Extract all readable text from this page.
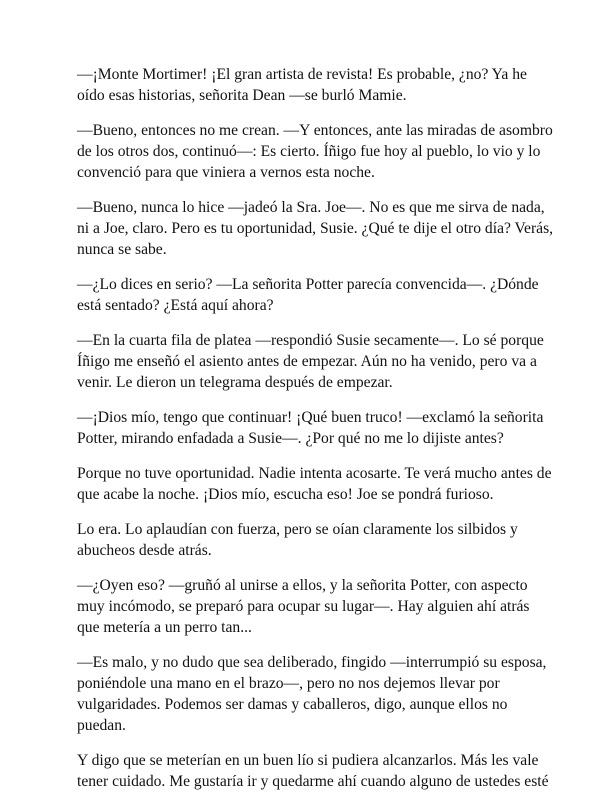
—¡Monte Mortimer! ¡El gran artista de revista! Es probable, ¿no? Ya he
oído esas historias, señorita Dean —se burló Mamie.

—Bueno, entonces no me crean. —Y entonces, ante las miradas de asombro
de los otros dos, continuó—: Es cierto. Íñigo fue hoy al pueblo, lo vio y lo
convenció para que viniera a vernos esta noche.

—Bueno, nunca lo hice —jadeó la Sra. Joe—. No es que me sirva de nada,
ni a Joe, claro. Pero es tu oportunidad, Susie. ¿Qué te dije el otro día? Verás,
nunca se sabe.

—¿Lo dices en serio? —La señorita Potter parecía convencida—. ¿Dónde
está sentado? ¿Está aquí ahora?

—En la cuarta fila de platea —respondió Susie secamente—. Lo sé porque
Íñigo me enseñó el asiento antes de empezar. Aún no ha venido, pero va a
venir. Le dieron un telegrama después de empezar.

—¡Dios mío, tengo que continuar! ¡Qué buen truco! —exclamó la señorita
Potter, mirando enfadada a Susie—. ¿Por qué no me lo dijiste antes?

Porque no tuve oportunidad. Nadie intenta acosarte. Te verá mucho antes de
que acabe la noche. ¡Dios mío, escucha eso! Joe se pondrá furioso.

Lo era. Lo aplaudían con fuerza, pero se oían claramente los silbidos y
abucheos desde atrás.

—¿Oyen eso? —gruñó al unirse a ellos, y la señorita Potter, con aspecto
muy incómodo, se preparó para ocupar su lugar—. Hay alguien ahí atrás
que metería a un perro tan...

—Es malo, y no dudo que sea deliberado, fingido —interrumpió su esposa,
poniéndole una mano en el brazo—, pero no nos dejemos llevar por
vulgaridades. Podemos ser damas y caballeros, digo, aunque ellos no
puedan.

Y digo que se meterían en un buen lío si pudiera alcanzarlos. Más les vale
tener cuidado. Me gustaría ir y quedarme ahí cuando alguno de ustedes esté
